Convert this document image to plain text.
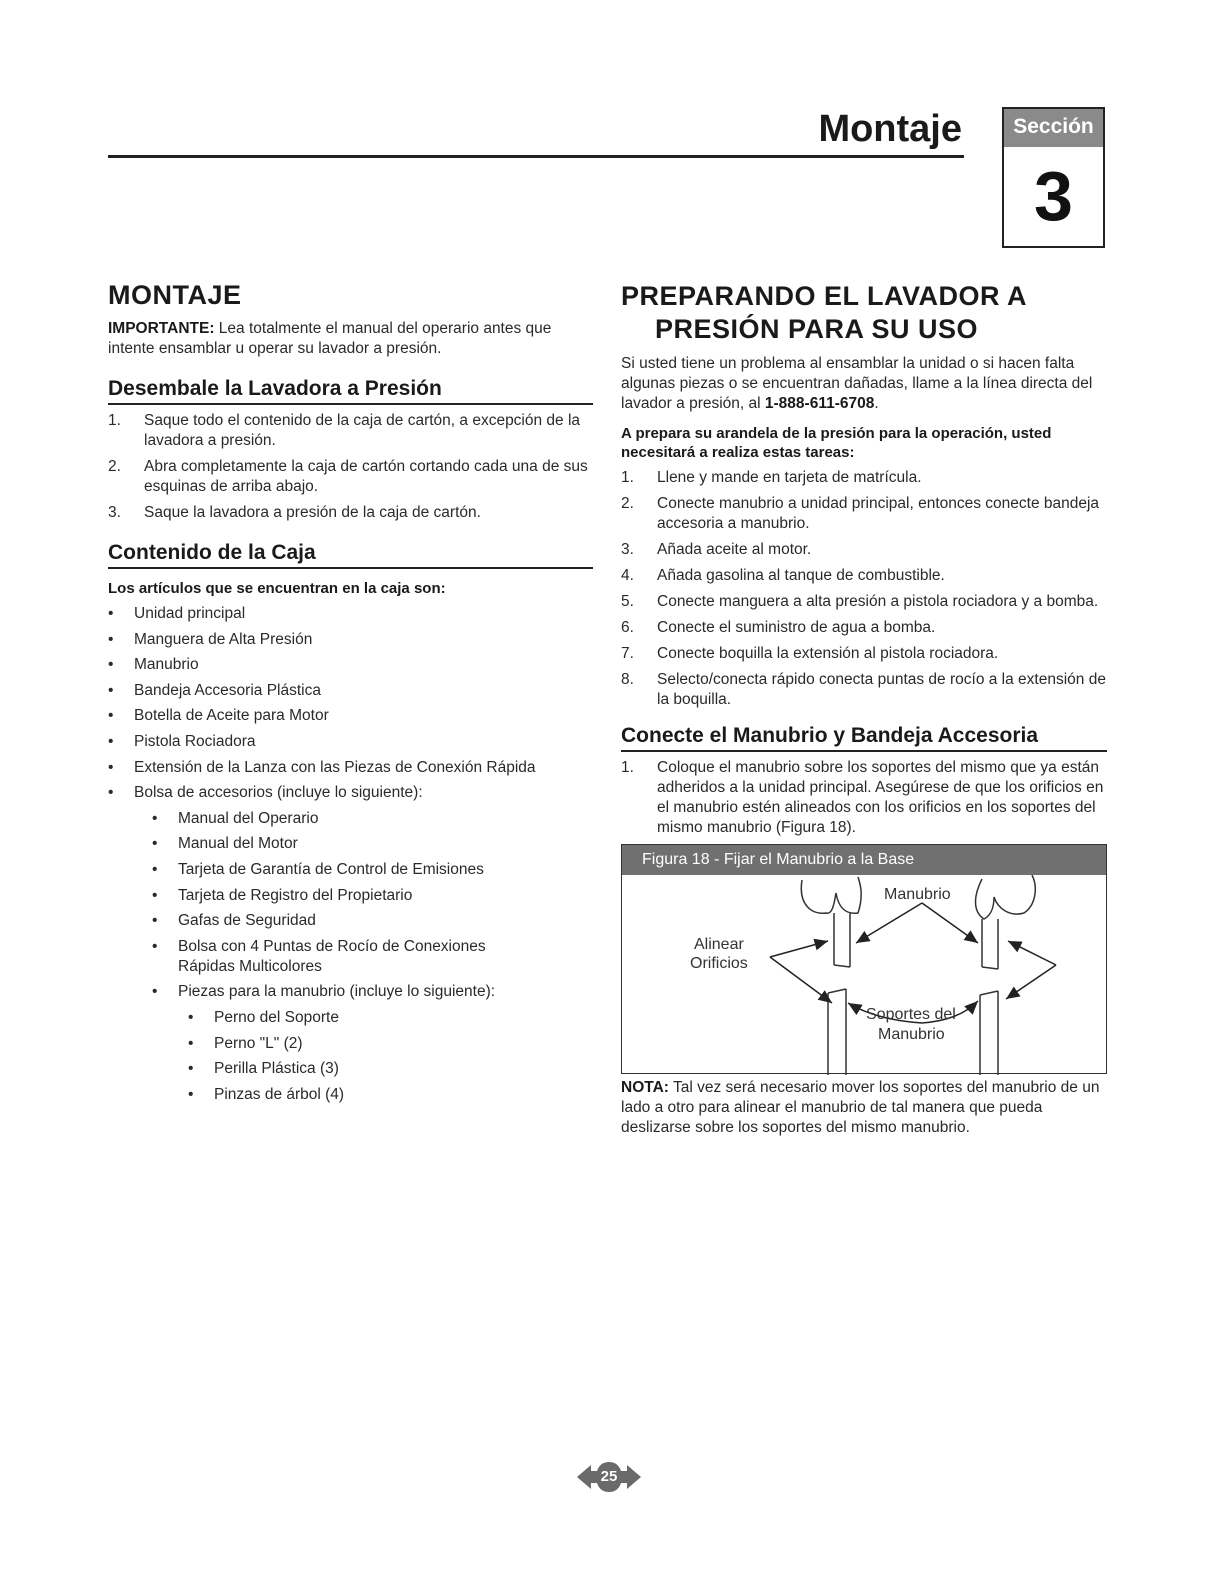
Montaje	Sección
3
MONTAJE

IMPORTANTE: Lea totalmente el manual del operario antes que intente ensamblar u operar su lavador a presión.

Desembale la Lavadora a Presión
1.	Saque todo el contenido de la caja de cartón, a excepción de la lavadora a presión.
2.	Abra completamente la caja de cartón cortando cada una de sus esquinas de arriba abajo.
3.	Saque la lavadora a presión de la caja de cartón.
Contenido de la Caja

Los artículos que se encuentran en la caja son:

• Unidad principal
• Manguera de Alta Presión
• Manubrio
• Bandeja Accesoria Plástica
• Botella de Aceite para Motor
• Pistola Rociadora
• Extensión de la Lanza con las Piezas de Conexión Rápida
• Bolsa de accesorios (incluye lo siguiente):
• Manual del Operario
• Manual del Motor
• Tarjeta de Garantía de Control de Emisiones
• Tarjeta de Registro del Propietario
• Gafas de Seguridad
• Bolsa con 4 Puntas de Rocío de Conexiones Rápidas Multicolores
• Piezas para la manubrio (incluye lo siguiente):
• Perno del Soporte
• Perno "L" (2)
• Perilla Plástica (3)
• Pinzas de árbol (4)
PREPARANDO EL LAVADOR A
PRESIÓN PARA SU USO

Si usted tiene un problema al ensamblar la unidad o si hacen falta algunas piezas o se encuentran dañadas, llame a la línea directa del lavador a presión, al 1-888-611-6708.

A prepara su arandela de la presión para la operación, usted necesitará a realiza estas tareas:

1.	Llene y mande en tarjeta de matrícula.
2.	Conecte manubrio a unidad principal, entonces conecte bandeja accesoria a manubrio.
3.	Añada aceite al motor.
4.	Añada gasolina al tanque de combustible.
5.	Conecte manguera a alta presión a pistola rociadora y a bomba.
6.	Conecte el suministro de agua a bomba.
7.	Conecte boquilla la extensión al pistola rociadora.
8.	Selecto/conecta rápido conecta puntas de rocío a la extensión de la boquilla.
Conecte el Manubrio y Bandeja Accesoria
1.	Coloque el manubrio sobre los soportes del mismo que ya están adheridos a la unidad principal. Asegúrese de que los orificios en el manubrio estén alineados con los orificios en los soportes del mismo manubrio (Figura 18).
Figura 18 - Fijar el Manubrio a la Base
Manubrio
Alinear
Orificios
Soportes del
Manubrio

NOTA: Tal vez será necesario mover los soportes del manubrio de un lado a otro para alinear el manubrio de tal manera que pueda deslizarse sobre los soportes del mismo manubrio.

25
